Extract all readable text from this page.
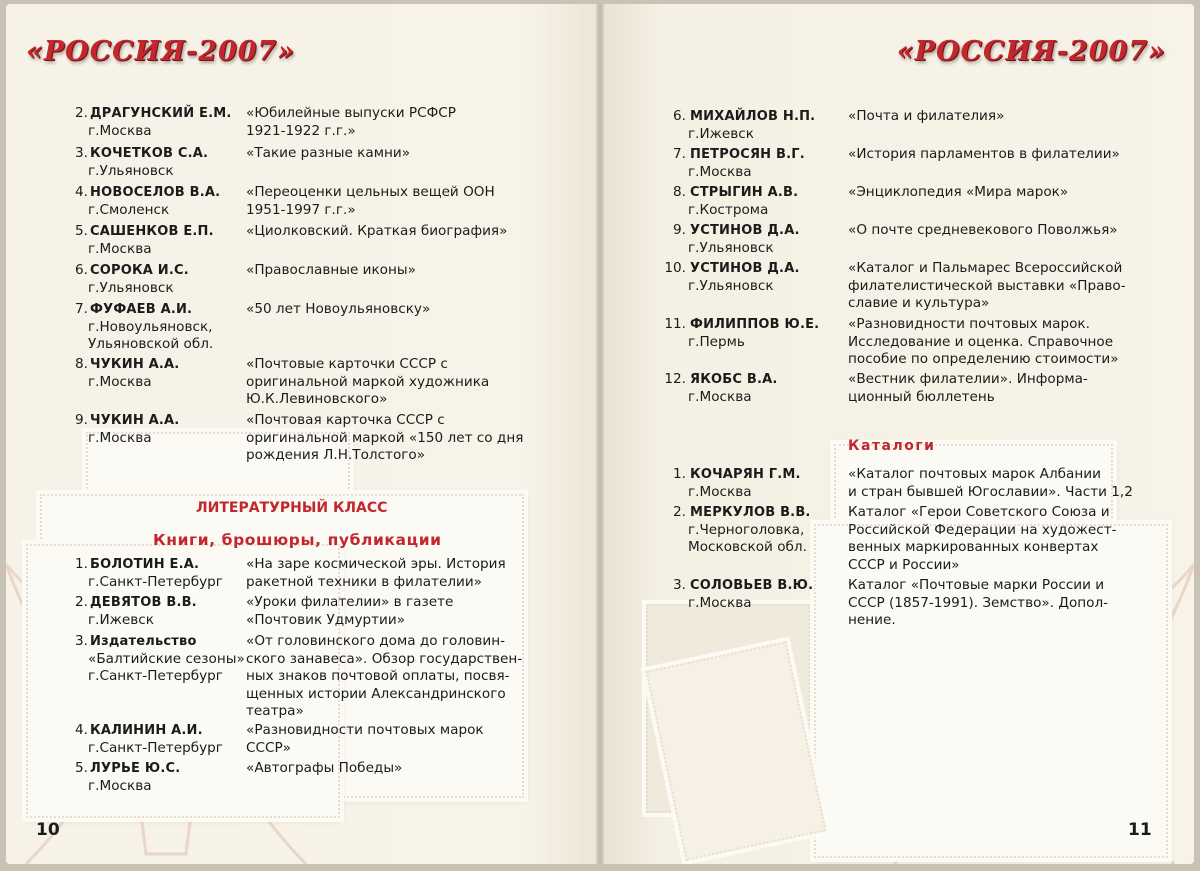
«РОССИЯ-2007»
2. ДРАГУНСКИЙ Е.М.
г.Москва
«Юбилейные выпуски РСФСР
1921-1922 г.г.»
3. КОЧЕТКОВ С.А.
г.Ульяновск
«Такие разные камни»
4. НОВОСЕЛОВ В.А.
г.Смоленск
«Переоценки цельных вещей ООН
1951-1997 г.г.»
5. САШЕНКОВ Е.П.
г.Москва
«Циолковский. Краткая биография»
6. СОРОКА И.С.
г.Ульяновск
«Православные иконы»
7. ФУФАЕВ А.И.
г.Новоульяновск,
Ульяновской обл.
«50 лет Новоульяновску»
8. ЧУКИН А.А.
г.Москва
«Почтовые карточки СССР с
оригинальной маркой художника
Ю.К.Левиновского»
9. ЧУКИН А.А.
г.Москва
«Почтовая карточка СССР с
оригинальной маркой «150 лет со дня
рождения Л.Н.Толстого»
ЛИТЕРАТУРНЫЙ КЛАСС
Книги, брошюры, публикации
1. БОЛОТИН Е.А.
г.Санкт-Петербург
«На заре космической эры. История
ракетной техники в филателии»
2. ДЕВЯТОВ В.В.
г.Ижевск
«Уроки филателии» в газете
«Почтовик Удмуртии»
3. Издательство
«Балтийские сезоны»
г.Санкт-Петербург
«От головинского дома до головин-
ского занавеса». Обзор государствен-
ных знаков почтовой оплаты, посвя-
щенных истории Александринского
театра»
4. КАЛИНИН А.И.
г.Санкт-Петербург
«Разновидности почтовых марок
СССР»
5. ЛУРЬЕ Ю.С.
г.Москва
«Автографы Победы»
10
«РОССИЯ-2007»
6. МИХАЙЛОВ Н.П.
г.Ижевск
«Почта и филателия»
7. ПЕТРОСЯН В.Г.
г.Москва
«История парламентов в филателии»
8. СТРЫГИН А.В.
г.Кострома
«Энциклопедия «Мира марок»
9. УСТИНОВ Д.А.
г.Ульяновск
«О почте средневекового Поволжья»
10. УСТИНОВ Д.А.
г.Ульяновск
«Каталог и Пальмарес Всероссийской
филателистической выставки «Право-
славие и культура»
11. ФИЛИППОВ Ю.Е.
г.Пермь
«Разновидности почтовых марок.
Исследование и оценка. Справочное
пособие по определению стоимости»
12. ЯКОБС В.А.
г.Москва
«Вестник филателии». Информа-
ционный бюллетень
Каталоги
1. КОЧАРЯН Г.М.
г.Москва
«Каталог почтовых марок Албании
и стран бывшей Югославии». Части 1,2
2. МЕРКУЛОВ В.В.
г.Черноголовка,
Московской обл.
Каталог «Герои Советского Союза и
Российской Федерации на художест-
венных маркированных конвертах
СССР и России»
3. СОЛОВЬЕВ В.Ю.
г.Москва
Каталог «Почтовые марки России и
СССР (1857-1991). Земство». Допол-
нение.
11
